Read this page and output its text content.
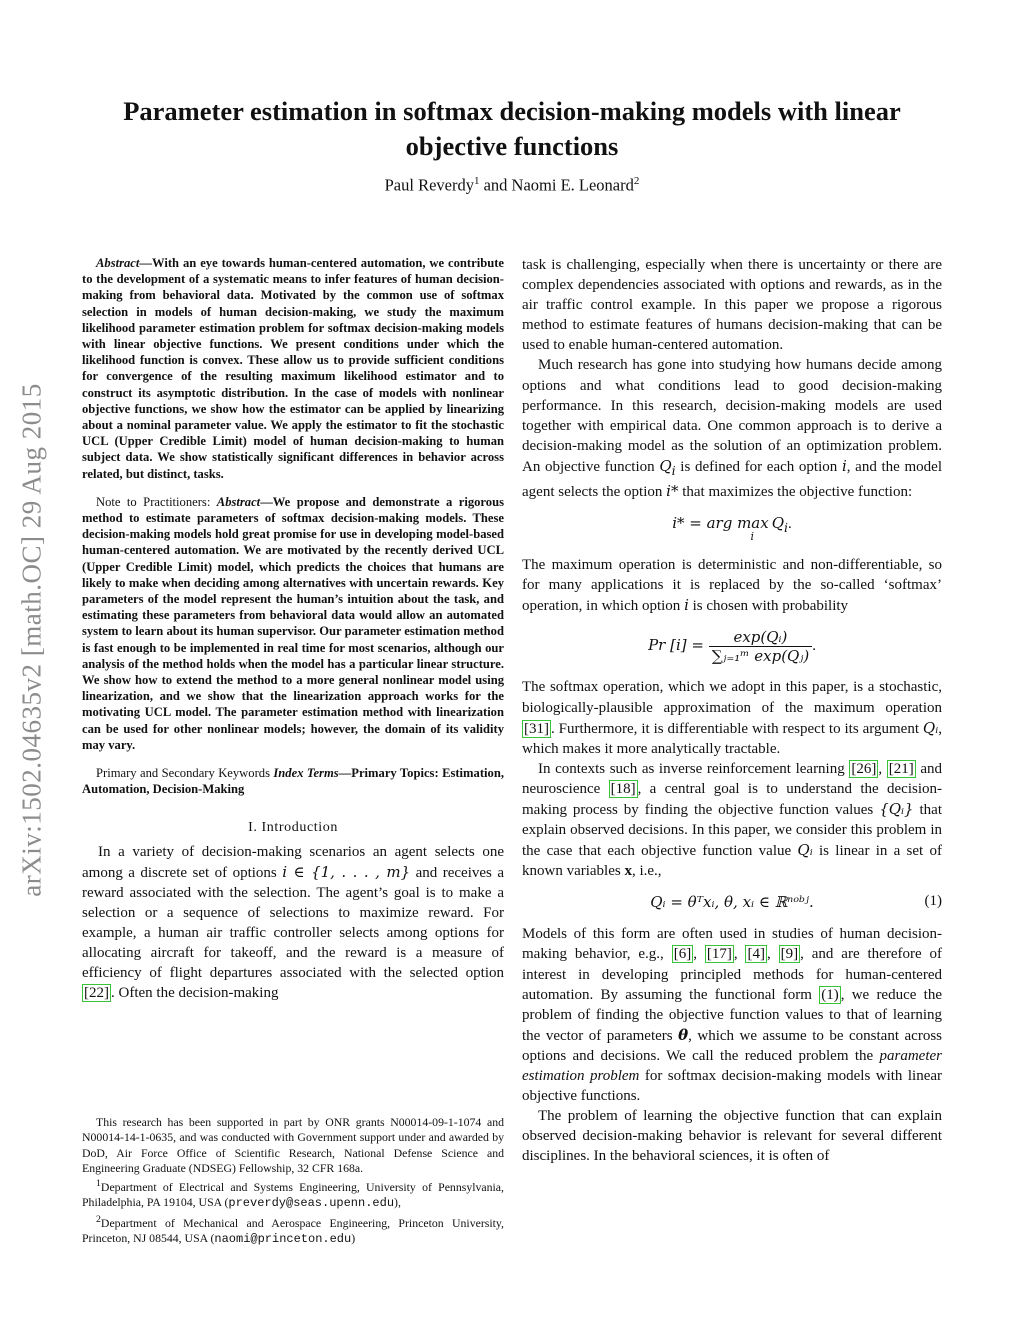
arXiv:1502.04635v2 [math.OC] 29 Aug 2015
Parameter estimation in softmax decision-making models with linear objective functions
Paul Reverdy$^1$ and Naomi E. Leonard$^2$

Abstract—With an eye towards human-centered automation, we contribute to the development of a systematic means to infer features of human decision-making from behavioral data. Motivated by the common use of softmax selection in models of human decision-making, we study the maximum likelihood parameter estimation problem for softmax decision-making models with linear objective functions. We present conditions under which the likelihood function is convex. These allow us to provide sufficient conditions for convergence of the resulting maximum likelihood estimator and to construct its asymptotic distribution. In the case of models with nonlinear objective functions, we show how the estimator can be applied by linearizing about a nominal parameter value. We apply the estimator to fit the stochastic UCL (Upper Credible Limit) model of human decision-making to human subject data. We show statistically significant differences in behavior across related, but distinct, tasks.

Note to Practitioners: Abstract—We propose and demonstrate a rigorous method to estimate parameters of softmax decision-making models. These decision-making models hold great promise for use in developing model-based human-centered automation. We are motivated by the recently derived UCL (Upper Credible Limit) model, which predicts the choices that humans are likely to make when deciding among alternatives with uncertain rewards. Key parameters of the model represent the human’s intuition about the task, and estimating these parameters from behavioral data would allow an automated system to learn about its human supervisor. Our parameter estimation method is fast enough to be implemented in real time for most scenarios, although our analysis of the method holds when the model has a particular linear structure. We show how to extend the method to a more general nonlinear model using linearization, and we show that the linearization approach works for the motivating UCL model. The parameter estimation method with linearization can be used for other nonlinear models; however, the domain of its validity may vary.

Primary and Secondary Keywords Index Terms—Primary Topics: Estimation, Automation, Decision-Making

I. Introduction

In a variety of decision-making scenarios an agent selects one among a discrete set of options i ∈ {1, . . . , m} and receives a reward associated with the selection. The agent’s goal is to make a selection or a sequence of selections to maximize reward. For example, a human air traffic controller selects among options for allocating aircraft for takeoff, and the reward is a measure of efficiency of flight departures associated with the selected option [22] . Often the decision-making

This research has been supported in part by ONR grants N00014-09-1-1074 and N00014-14-1-0635, and was conducted with Government support under and awarded by DoD, Air Force Office of Scientific Research, National Defense Science and Engineering Graduate (NDSEG) Fellowship, 32 CFR 168a.

$^1$Department of Electrical and Systems Engineering, University of Pennsylvania, Philadelphia, PA 19104, USA (preverdy@seas.upenn.edu),

$^2$Department of Mechanical and Aerospace Engineering, Princeton University, Princeton, NJ 08544, USA (naomi@princeton.edu)

task is challenging, especially when there is uncertainty or there are complex dependencies associated with options and rewards, as in the air traffic control example. In this paper we propose a rigorous method to estimate features of humans decision-making that can be used to enable human-centered automation.

Much research has gone into studying how humans decide among options and what conditions lead to good decision-making performance. In this research, decision-making models are used together with empirical data. One common approach is to derive a decision-making model as the solution of an optimization problem. An objective function $Q_i$ is defined for each option i, and the model agent selects the option i* that maximizes the objective function:

i* = arg max $_i$ $Q_i$.

The maximum operation is deterministic and non-differentiable, so for many applications it is replaced by the so-called ‘softmax’ operation, in which option i is chosen with probability

Pr $[i] = \frac{\text{exp(Qᵢ)}}{\text{∑ⱼ₌₁ᵐ exp(Qⱼ)}}$ .

The softmax operation, which we adopt in this paper, is a stochastic, biologically-plausible approximation of the maximum operation [31] . Furthermore, it is differentiable with respect to its argument Qᵢ, which makes it more analytically tractable.

In contexts such as inverse reinforcement learning [26] , [21] and neuroscience [18] , a central goal is to understand the decision-making process by finding the objective function values {Qᵢ} that explain observed decisions. In this paper, we consider this problem in the case that each objective function value Qᵢ is linear in a set of known variables x, i.e.,

Qᵢ = θᵀxᵢ, θ, xᵢ ∈ ℝⁿᵒᵇʲ.	(1)

Models of this form are often used in studies of human decision-making behavior, e.g., [6] , [17] , [4] , [9] , and are therefore of interest in developing principled methods for human-centered automation. By assuming the functional form (1) , we reduce the problem of finding the objective function values to that of learning the vector of parameters θ, which we assume to be constant across options and decisions. We call the reduced problem the parameter estimation problem for softmax decision-making models with linear objective functions.

The problem of learning the objective function that can explain observed decision-making behavior is relevant for several different disciplines. In the behavioral sciences, it is often of
